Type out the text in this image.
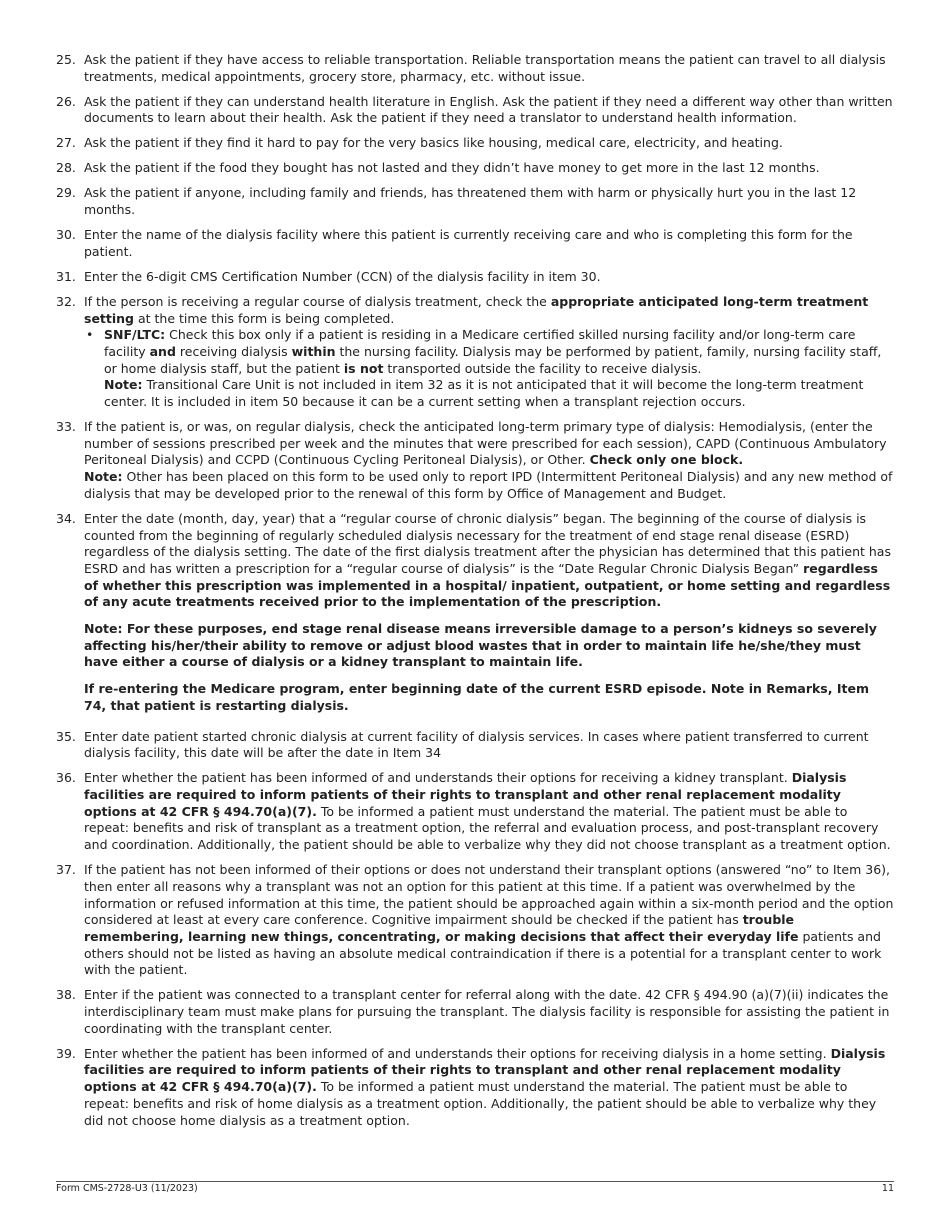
25. Ask the patient if they have access to reliable transportation. Reliable transportation means the patient can travel to all dialysis treatments, medical appointments, grocery store, pharmacy, etc. without issue.

26. Ask the patient if they can understand health literature in English. Ask the patient if they need a different way other than written documents to learn about their health. Ask the patient if they need a translator to understand health information.

27. Ask the patient if they find it hard to pay for the very basics like housing, medical care, electricity, and heating.

28. Ask the patient if the food they bought has not lasted and they didn’t have money to get more in the last 12 months.

29. Ask the patient if anyone, including family and friends, has threatened them with harm or physically hurt you in the last 12 months.

30. Enter the name of the dialysis facility where this patient is currently receiving care and who is completing this form for the patient.

31. Enter the 6-digit CMS Certification Number (CCN) of the dialysis facility in item 30.

32. If the person is receiving a regular course of dialysis treatment, check the appropriate anticipated long-term treatment setting at the time this form is being completed.

• SNF/LTC: Check this box only if a patient is residing in a Medicare certified skilled nursing facility and/or long-term care facility and receiving dialysis within the nursing facility. Dialysis may be performed by patient, family, nursing facility staff, or home dialysis staff, but the patient is not transported outside the facility to receive dialysis.

Note: Transitional Care Unit is not included in item 32 as it is not anticipated that it will become the long-term treatment center. It is included in item 50 because it can be a current setting when a transplant rejection occurs.

33. If the patient is, or was, on regular dialysis, check the anticipated long-term primary type of dialysis: Hemodialysis, (enter the number of sessions prescribed per week and the minutes that were prescribed for each session), CAPD (Continuous Ambulatory Peritoneal Dialysis) and CCPD (Continuous Cycling Peritoneal Dialysis), or Other. Check only one block.

Note: Other has been placed on this form to be used only to report IPD (Intermittent Peritoneal Dialysis) and any new method of dialysis that may be developed prior to the renewal of this form by Office of Management and Budget.

34. Enter the date (month, day, year) that a “regular course of chronic dialysis” began. The beginning of the course of dialysis is counted from the beginning of regularly scheduled dialysis necessary for the treatment of end stage renal disease (ESRD) regardless of the dialysis setting. The date of the first dialysis treatment after the physician has determined that this patient has ESRD and has written a prescription for a “regular course of dialysis” is the “Date Regular Chronic Dialysis Began” regardless of whether this prescription was implemented in a hospital/ inpatient, outpatient, or home setting and regardless of any acute treatments received prior to the implementation of the prescription.

Note: For these purposes, end stage renal disease means irreversible damage to a person’s kidneys so severely affecting his/her/their ability to remove or adjust blood wastes that in order to maintain life he/she/they must have either a course of dialysis or a kidney transplant to maintain life.

If re-entering the Medicare program, enter beginning date of the current ESRD episode. Note in Remarks, Item 74, that patient is restarting dialysis.

35. Enter date patient started chronic dialysis at current facility of dialysis services. In cases where patient transferred to current dialysis facility, this date will be after the date in Item 34

36. Enter whether the patient has been informed of and understands their options for receiving a kidney transplant. Dialysis facilities are required to inform patients of their rights to transplant and other renal replacement modality options at 42 CFR § 494.70(a)(7). To be informed a patient must understand the material. The patient must be able to repeat: benefits and risk of transplant as a treatment option, the referral and evaluation process, and post-transplant recovery and coordination. Additionally, the patient should be able to verbalize why they did not choose transplant as a treatment option.

37. If the patient has not been informed of their options or does not understand their transplant options (answered “no” to Item 36), then enter all reasons why a transplant was not an option for this patient at this time. If a patient was overwhelmed by the information or refused information at this time, the patient should be approached again within a six-month period and the option considered at least at every care conference. Cognitive impairment should be checked if the patient has trouble remembering, learning new things, concentrating, or making decisions that affect their everyday life patients and others should not be listed as having an absolute medical contraindication if there is a potential for a transplant center to work with the patient.

38. Enter if the patient was connected to a transplant center for referral along with the date. 42 CFR § 494.90 (a)(7)(ii) indicates the interdisciplinary team must make plans for pursuing the transplant. The dialysis facility is responsible for assisting the patient in coordinating with the transplant center.

39. Enter whether the patient has been informed of and understands their options for receiving dialysis in a home setting. Dialysis facilities are required to inform patients of their rights to transplant and other renal replacement modality options at 42 CFR § 494.70(a)(7). To be informed a patient must understand the material. The patient must be able to repeat: benefits and risk of home dialysis as a treatment option. Additionally, the patient should be able to verbalize why they did not choose home dialysis as a treatment option.

Form CMS-2728-U3 (11/2023)	11
